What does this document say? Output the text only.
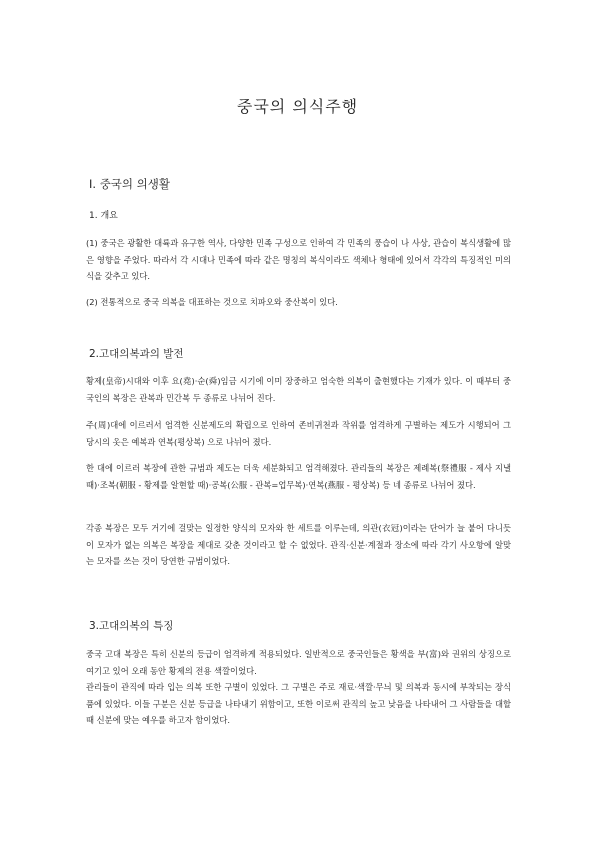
중국의 의식주행
Ⅰ. 중국의 의생활
1. 개요
(1) 중국은 광활한 대륙과 유구한 역사, 다양한 민족 구성으로 인하여 각 민족의 풍습이 나 사상, 관습이 복식생활에 많은 영향을 주었다. 따라서 각 시대나 민족에 따라 같은 명칭의 복식이라도 색체나 형태에 있어서 각각의 특징적인 미의식을 갖추고 있다.
(2) 전통적으로 중국 의복을 대표하는 것으로 치파오와 중산복이 있다.
2.고대의복과의 발전
황제(皇帝)시대와 이후 요(堯)·순(舜)임금 시기에 이미 장중하고 엄숙한 의복이 출현했다는 기재가 있다. 이 때부터 중국인의 복장은 관복과 민간복 두 종류로 나뉘어 진다.
주(周)대에 이르러서 엄격한 신분제도의 확립으로 인하여 존비귀천과 작위를 엄격하게 구별하는 제도가 시행되어 그 당시의 옷은 예복과 연복(평상복) 으로 나뉘어 졌다.
한 대에 이르러 복장에 관한 규범과 제도는 더욱 세분화되고 엄격해졌다. 관리들의 복장은 제례복(祭禮服 - 제사 지낼 때)·조복(朝服 - 황제를 알현할 때)·공복(公服 - 관복=업무복)·연복(燕服 - 평상복) 등 네 종류로 나뉘어 졌다.
각종 복장은 모두 거기에 걸맞는 일정한 양식의 모자와 한 세트를 이루는데, 의관(衣冠)이라는 단어가 늘 붙어 다니듯이 모자가 없는 의복은 복장을 제대로 갖춘 것이라고 할 수 없었다. 관직·신분·계절과 장소에 따라 각기 사오항에 알맞는 모자를 쓰는 것이 당연한 규범이었다.
3.고대의복의 특징
중국 고대 복장은 특히 신분의 등급이 엄격하게 적용되었다. 일반적으로 중국인들은 황색을 부(富)와 권위의 상징으로 여기고 있어 오래 동안 황제의 전용 색깔이었다.
관리들이 관직에 따라 입는 의복 또한 구별이 있었다. 그 구별은 주로 재료·색깔·무늬 및 의복과 동시에 부착되는 장식품에 있었다. 이들 구분은 신분 등급을 나타내기 위함이고, 또한 이로써 관직의 높고 낮음을 나타내어 그 사람들을 대할 때 신분에 맞는 예우를 하고자 함이었다.
